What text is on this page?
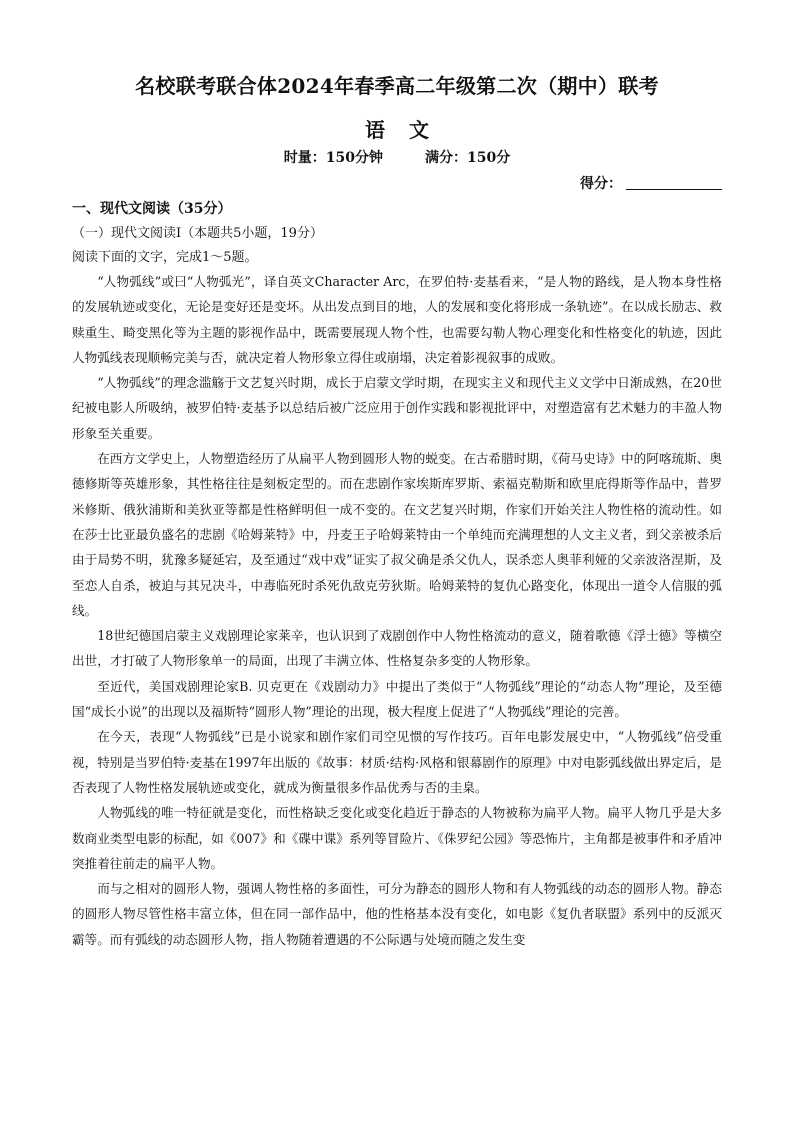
名校联考联合体2024年春季高二年级第二次（期中）联考
语文
时量：150分钟	满分：150分
得分：
一、现代文阅读（35分）
（一）现代文阅读Ⅰ（本题共5小题，19分）
阅读下面的文字，完成1～5题。

“人物弧线”或曰“人物弧光”，译自英文Character Arc，在罗伯特·麦基看来，“是人物的路线，是人物本身性格的发展轨迹或变化，无论是变好还是变坏。从出发点到目的地，人的发展和变化将形成一条轨迹”。在以成长励志、救赎重生、畸变黑化等为主题的影视作品中，既需要展现人物个性，也需要勾勒人物心理变化和性格变化的轨迹，因此人物弧线表现顺畅完美与否，就决定着人物形象立得住或崩塌，决定着影视叙事的成败。

“人物弧线”的理念滥觞于文艺复兴时期，成长于启蒙文学时期，在现实主义和现代主义文学中日渐成熟，在20世纪被电影人所吸纳，被罗伯特·麦基予以总结后被广泛应用于创作实践和影视批评中，对塑造富有艺术魅力的丰盈人物形象至关重要。

在西方文学史上，人物塑造经历了从扁平人物到圆形人物的蜕变。在古希腊时期，《荷马史诗》中的阿喀琉斯、奥德修斯等英雄形象，其性格往往是刻板定型的。而在悲剧作家埃斯库罗斯、索福克勒斯和欧里庇得斯等作品中，普罗米修斯、俄狄浦斯和美狄亚等都是性格鲜明但一成不变的。在文艺复兴时期，作家们开始关注人物性格的流动性。如在莎士比亚最负盛名的悲剧《哈姆莱特》中，丹麦王子哈姆莱特由一个单纯而充满理想的人文主义者，到父亲被杀后由于局势不明，犹豫多疑延宕，及至通过“戏中戏”证实了叔父确是杀父仇人，误杀恋人奥菲利娅的父亲波洛涅斯，及至恋人自杀，被迫与其兄决斗，中毒临死时杀死仇敌克劳狄斯。哈姆莱特的复仇心路变化，体现出一道令人信服的弧线。

18世纪德国启蒙主义戏剧理论家莱辛，也认识到了戏剧创作中人物性格流动的意义，随着歌德《浮士德》等横空出世，才打破了人物形象单一的局面，出现了丰满立体、性格复杂多变的人物形象。

至近代，美国戏剧理论家B. 贝克更在《戏剧动力》中提出了类似于“人物弧线”理论的“动态人物”理论，及至德国“成长小说”的出现以及福斯特“圆形人物”理论的出现，极大程度上促进了“人物弧线”理论的完善。

在今天，表现“人物弧线”已是小说家和剧作家们司空见惯的写作技巧。百年电影发展史中，“人物弧线”倍受重视，特别是当罗伯特·麦基在1997年出版的《故事：材质·结构·风格和银幕剧作的原理》中对电影弧线做出界定后，是否表现了人物性格发展轨迹或变化，就成为衡量很多作品优秀与否的圭臬。

人物弧线的唯一特征就是变化，而性格缺乏变化或变化趋近于静态的人物被称为扁平人物。扁平人物几乎是大多数商业类型电影的标配，如《007》和《碟中谍》系列等冒险片、《侏罗纪公园》等恐怖片，主角都是被事件和矛盾冲突推着往前走的扁平人物。

而与之相对的圆形人物，强调人物性格的多面性，可分为静态的圆形人物和有人物弧线的动态的圆形人物。静态的圆形人物尽管性格丰富立体，但在同一部作品中，他的性格基本没有变化，如电影《复仇者联盟》系列中的反派灭霸等。而有弧线的动态圆形人物，指人物随着遭遇的不公际遇与处境而随之发生变
